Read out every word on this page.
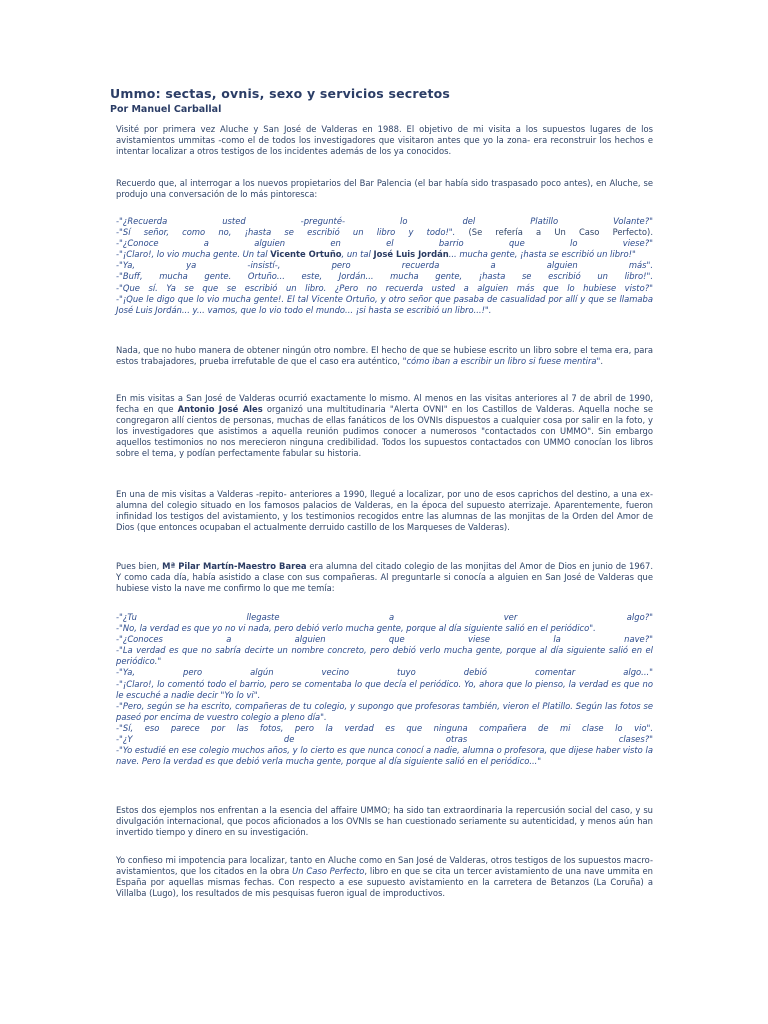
Ummo: sectas, ovnis, sexo y servicios secretos
Por Manuel Carballal

Visité por primera vez Aluche y San José de Valderas en 1988. El objetivo de mi visita a los supuestos lugares de los avistamientos ummitas -como el de todos los investigadores que visitaron antes que yo la zona- era reconstruir los hechos e intentar localizar a otros testigos de los incidentes además de los ya conocidos.

Recuerdo que, al interrogar a los nuevos propietarios del Bar Palencia (el bar había sido traspasado poco antes), en Aluche, se produjo una conversación de lo más pintoresca:

-"¿Recuerda usted -pregunté- lo del Platillo Volante?"
-"Sí señor, como no, ¡hasta se escribió un libro y todo!". (Se refería a Un Caso Perfecto).
-"¿Conoce a alguien en el barrio que lo viese?"
-"¡Claro!, lo vio mucha gente. Un tal Vicente Ortuño, un tal José Luis Jordán... mucha gente, ¡hasta se escribió un libro!"
-"Ya, ya -insistí-, pero recuerda a alguien más".
-"Buff, mucha gente. Ortuño... este, Jordán... mucha gente, ¡hasta se escribió un libro!".
-"Que sí. Ya se que se escribió un libro. ¿Pero no recuerda usted a alguien más que lo hubiese visto?"
-"¡Que le digo que lo vio mucha gente!. El tal Vicente Ortuño, y otro señor que pasaba de casualidad por allí y que se llamaba José Luis Jordán... y... vamos, que lo vio todo el mundo... ¡si hasta se escribió un libro...!".

Nada, que no hubo manera de obtener ningún otro nombre. El hecho de que se hubiese escrito un libro sobre el tema era, para estos trabajadores, prueba irrefutable de que el caso era auténtico, "cómo iban a escribir un libro si fuese mentira".

En mis visitas a San José de Valderas ocurrió exactamente lo mismo. Al menos en las visitas anteriores al 7 de abril de 1990, fecha en que Antonio José Ales organizó una multitudinaria "Alerta OVNI" en los Castillos de Valderas. Aquella noche se congregaron allí cientos de personas, muchas de ellas fanáticos de los OVNIs dispuestos a cualquier cosa por salir en la foto, y los investigadores que asistimos a aquella reunión pudimos conocer a numerosos "contactados con UMMO". Sin embargo aquellos testimonios no nos merecieron ninguna credibilidad. Todos los supuestos contactados con UMMO conocían los libros sobre el tema, y podían perfectamente fabular su historia.

En una de mis visitas a Valderas -repito- anteriores a 1990, llegué a localizar, por uno de esos caprichos del destino, a una ex-alumna del colegio situado en los famosos palacios de Valderas, en la época del supuesto aterrizaje. Aparentemente, fueron infinidad los testigos del avistamiento, y los testimonios recogidos entre las alumnas de las monjitas de la Orden del Amor de Dios (que entonces ocupaban el actualmente derruido castillo de los Marqueses de Valderas).

Pues bien, Mª Pilar Martín-Maestro Barea era alumna del citado colegio de las monjitas del Amor de Dios en junio de 1967. Y como cada día, había asistido a clase con sus compañeras. Al preguntarle si conocía a alguien en San José de Valderas que hubiese visto la nave me confirmo lo que me temía:

-"¿Tu llegaste a ver algo?"
-"No, la verdad es que yo no vi nada, pero debió verlo mucha gente, porque al día siguiente salió en el periódico".
-"¿Conoces a alguien que viese la nave?"
-"La verdad es que no sabría decirte un nombre concreto, pero debió verlo mucha gente, porque al día siguiente salió en el periódico."
-"Ya, pero algún vecino tuyo debió comentar algo..."
-"¡Claro!, lo comentó todo el barrio, pero se comentaba lo que decía el periódico. Yo, ahora que lo pienso, la verdad es que no le escuché a nadie decir "Yo lo vi".
-"Pero, según se ha escrito, compañeras de tu colegio, y supongo que profesoras también, vieron el Platillo. Según las fotos se paseó por encima de vuestro colegio a pleno día".
-"Sí, eso parece por las fotos, pero la verdad es que ninguna compañera de mi clase lo vio".
-"¿Y de otras clases?"
-"Yo estudié en ese colegio muchos años, y lo cierto es que nunca conocí a nadie, alumna o profesora, que dijese haber visto la nave. Pero la verdad es que debió verla mucha gente, porque al día siguiente salió en el periódico..."

Estos dos ejemplos nos enfrentan a la esencia del affaire UMMO; ha sido tan extraordinaria la repercusión social del caso, y su divulgación internacional, que pocos aficionados a los OVNIs se han cuestionado seriamente su autenticidad, y menos aún han invertido tiempo y dinero en su investigación.

Yo confieso mi impotencia para localizar, tanto en Aluche como en San José de Valderas, otros testigos de los supuestos macro-avistamientos, que los citados en la obra Un Caso Perfecto, libro en que se cita un tercer avistamiento de una nave ummita en España por aquellas mismas fechas. Con respecto a ese supuesto avistamiento en la carretera de Betanzos (La Coruña) a Villalba (Lugo), los resultados de mis pesquisas fueron igual de improductivos.
